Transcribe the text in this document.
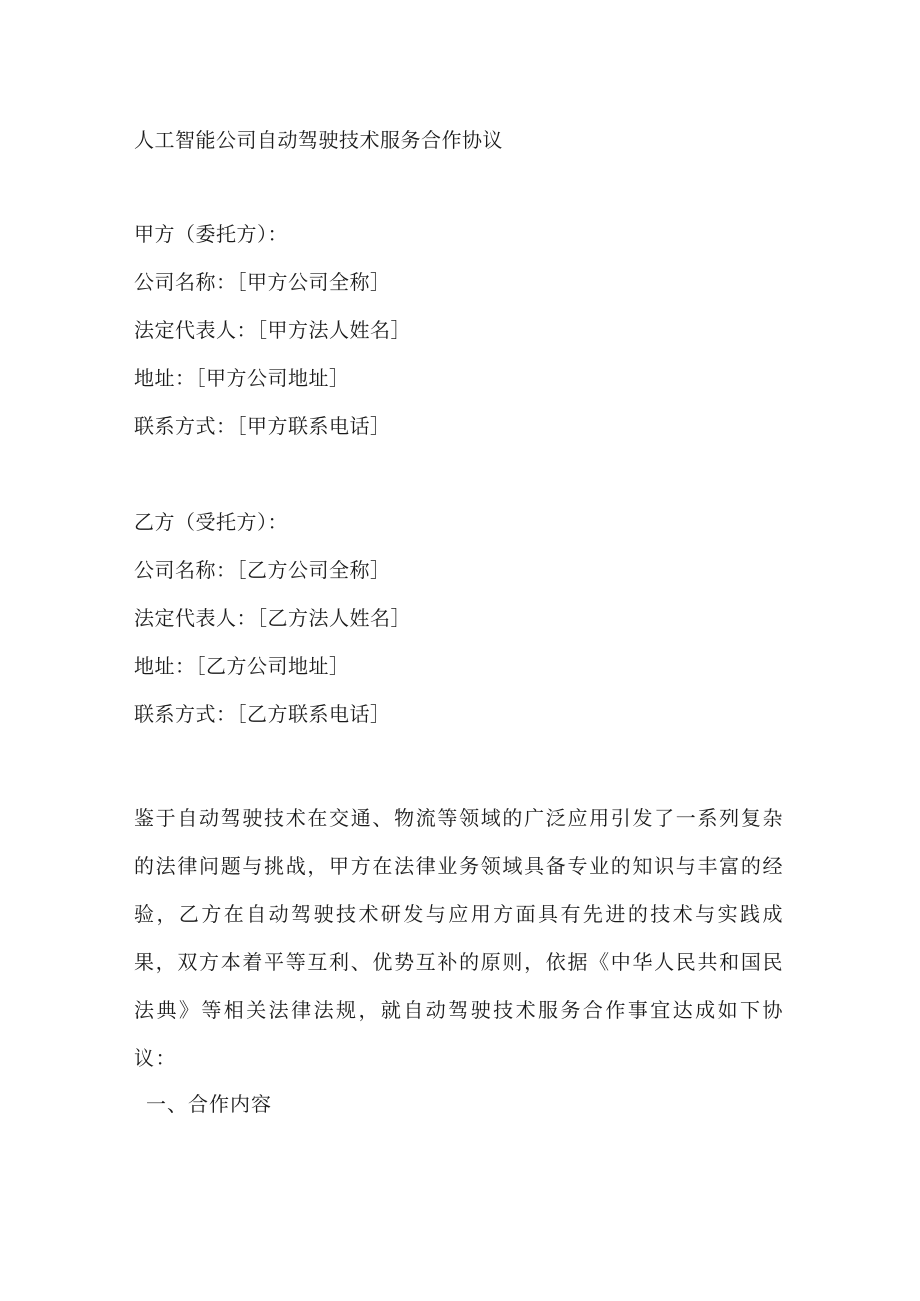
人工智能公司自动驾驶技术服务合作协议
甲方（委托方）：
公司名称：［甲方公司全称］
法定代表人：［甲方法人姓名］
地址：［甲方公司地址］
联系方式：［甲方联系电话］
乙方（受托方）：
公司名称：［乙方公司全称］
法定代表人：［乙方法人姓名］
地址：［乙方公司地址］
联系方式：［乙方联系电话］
鉴于自动驾驶技术在交通、物流等领域的广泛应用引发了一系列复杂的法律问题与挑战，甲方在法律业务领域具备专业的知识与丰富的经验，乙方在自动驾驶技术研发与应用方面具有先进的技术与实践成果，双方本着平等互利、优势互补的原则，依据《中华人民共和国民法典》等相关法律法规，就自动驾驶技术服务合作事宜达成如下协议：
一、合作内容
